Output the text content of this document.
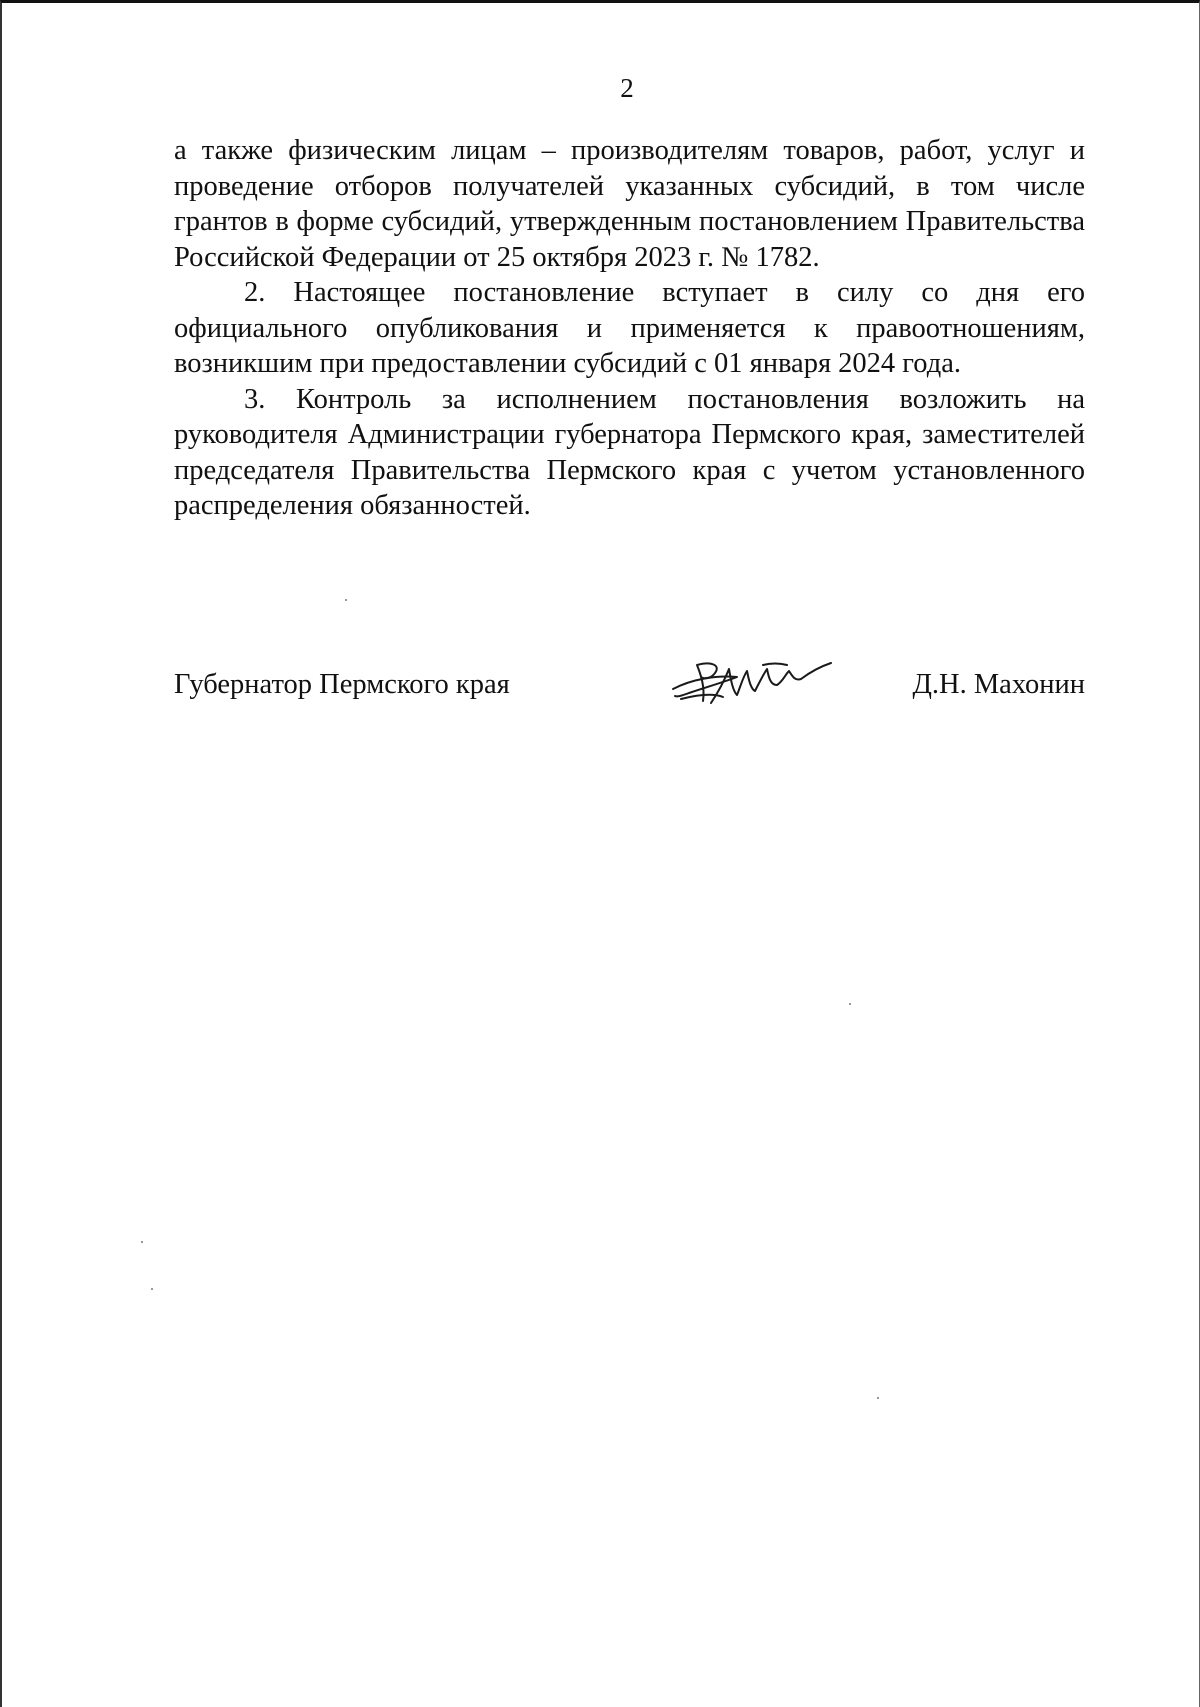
2

а также физическим лицам – производителям товаров, работ, услуг и проведение отборов получателей указанных субсидий, в том числе грантов в форме субсидий, утвержденным постановлением Правительства Российской Федерации от 25 октября 2023 г. № 1782.

2. Настоящее постановление вступает в силу со дня его официального опубликования и применяется к правоотношениям, возникшим при предоставлении субсидий с 01 января 2024 года.

3. Контроль за исполнением постановления возложить на руководителя Администрации губернатора Пермского края, заместителей председателя Правительства Пермского края с учетом установленного распределения обязанностей.

Губернатор Пермского края	Д.Н. Махонин
